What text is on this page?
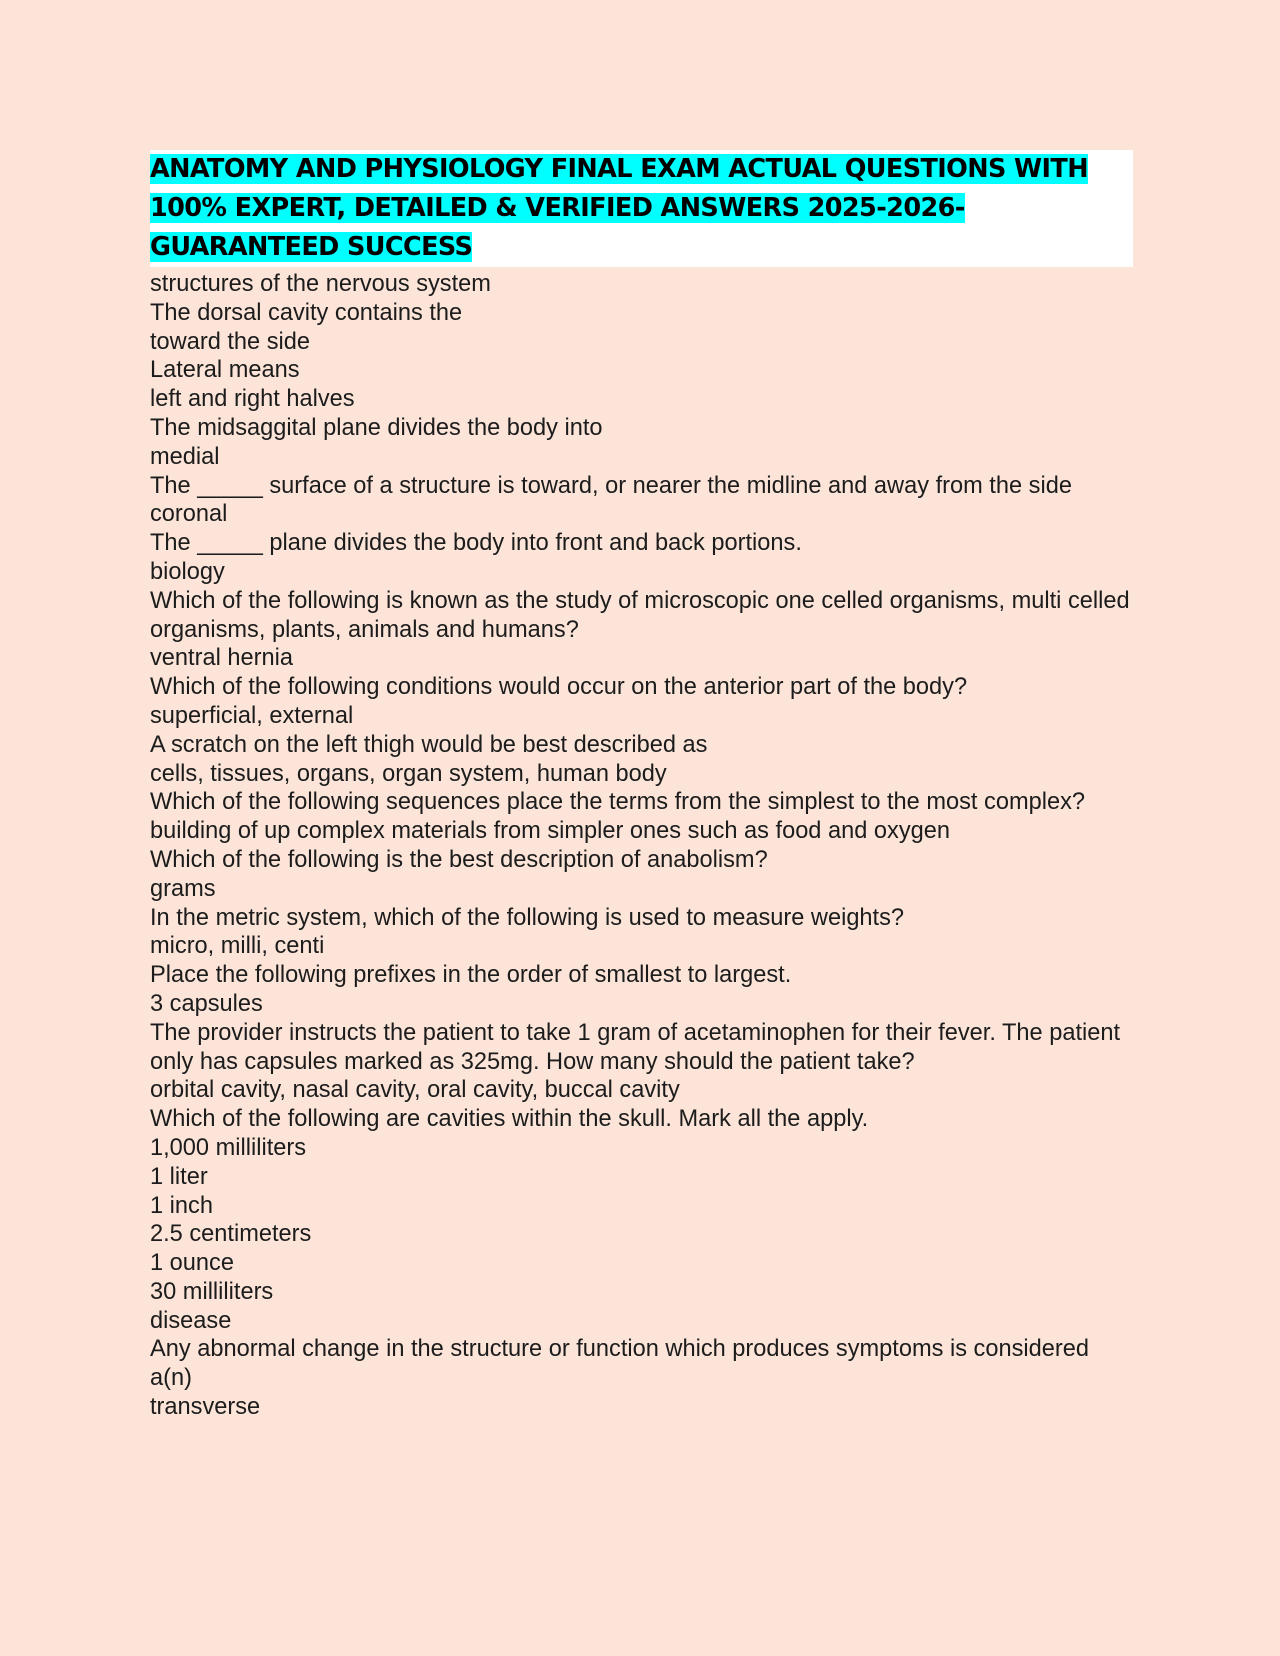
ANATOMY AND PHYSIOLOGY FINAL EXAM ACTUAL QUESTIONS WITH 100% EXPERT, DETAILED & VERIFIED ANSWERS 2025-2026- GUARANTEED SUCCESS
structures of the nervous system
The dorsal cavity contains the
toward the side
Lateral means
left and right halves
The midsaggital plane divides the body into
medial
The _____ surface of a structure is toward, or nearer the midline and away from the side
coronal
The _____ plane divides the body into front and back portions.
biology
Which of the following is known as the study of microscopic one celled organisms, multi celled organisms, plants, animals and humans?
ventral hernia
Which of the following conditions would occur on the anterior part of the body?
superficial, external
A scratch on the left thigh would be best described as
cells, tissues, organs, organ system, human body
Which of the following sequences place the terms from the simplest to the most complex?
building of up complex materials from simpler ones such as food and oxygen
Which of the following is the best description of anabolism?
grams
In the metric system, which of the following is used to measure weights?
micro, milli, centi
Place the following prefixes in the order of smallest to largest.
3 capsules
The provider instructs the patient to take 1 gram of acetaminophen for their fever. The patient only has capsules marked as 325mg. How many should the patient take?
orbital cavity, nasal cavity, oral cavity, buccal cavity
Which of the following are cavities within the skull. Mark all the apply.
1,000 milliliters
1 liter
1 inch
2.5 centimeters
1 ounce
30 milliliters
disease
Any abnormal change in the structure or function which produces symptoms is considered a(n)
transverse
